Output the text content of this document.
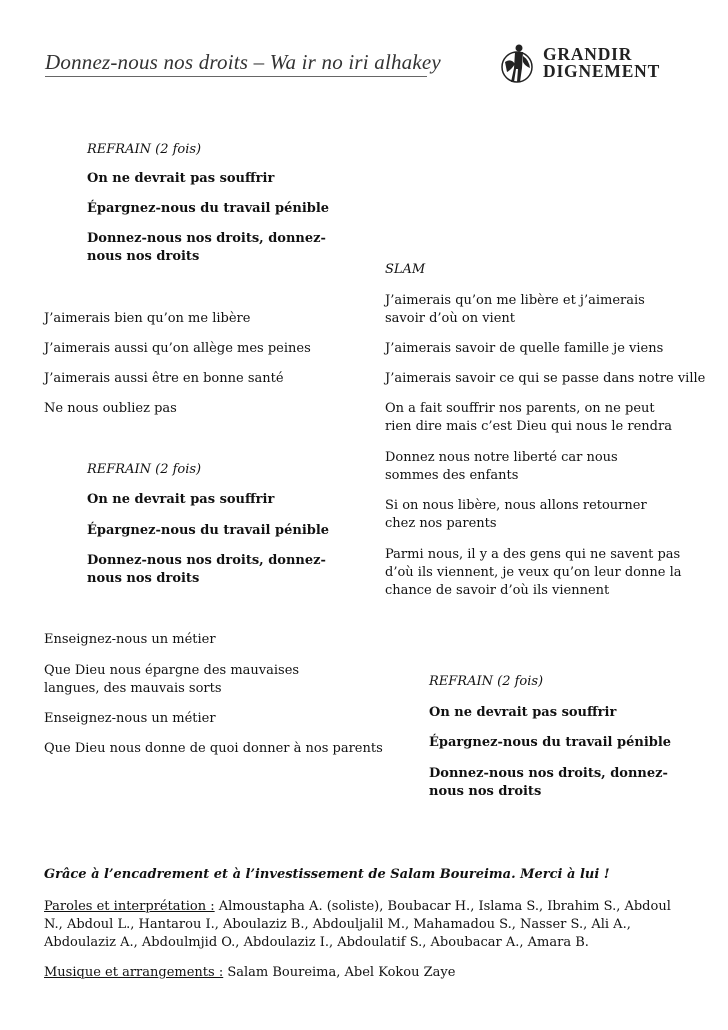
Donnez-nous nos droits – Wa ir no iri alhakey	GRANDIR
DIGNEMENT
REFRAIN (2 fois)
On ne devrait pas souffrir
Épargnez-nous du travail pénible
Donnez-nous nos droits, donnez-nous nos droits
J’aimerais bien qu’on me libère
J’aimerais aussi qu’on allège mes peines
J’aimerais aussi être en bonne santé
Ne nous oubliez pas
REFRAIN (2 fois)
On ne devrait pas souffrir
Épargnez-nous du travail pénible
Donnez-nous nos droits, donnez-nous nos droits
Enseignez-nous un métier
Que Dieu nous épargne des mauvaises langues, des mauvais sorts
Enseignez-nous un métier
Que Dieu nous donne de quoi donner à nos parents
SLAM
J’aimerais qu’on me libère et j’aimerais savoir d’où on vient
J’aimerais savoir de quelle famille je viens
J’aimerais savoir ce qui se passe dans notre ville
On a fait souffrir nos parents, on ne peut rien dire mais c’est Dieu qui nous le rendra
Donnez nous notre liberté car nous sommes des enfants
Si on nous libère, nous allons retourner chez nos parents
Parmi nous, il y a des gens qui ne savent pas d’où ils viennent, je veux qu’on leur donne la chance de savoir d’où ils viennent
REFRAIN (2 fois)
On ne devrait pas souffrir
Épargnez-nous du travail pénible
Donnez-nous nos droits, donnez-nous nos droits
Grâce à l’encadrement et à l’investissement de Salam Boureima. Merci à lui !
Paroles et interprétation : Almoustapha A. (soliste), Boubacar H., Islama S., Ibrahim S., Abdoul N., Abdoul L., Hantarou I., Aboulaziz B., Abdouljalil M., Mahamadou S., Nasser S., Ali A., Abdoulaziz A., Abdoulmjid O., Abdoulaziz I., Abdoulatif S., Aboubacar A., Amara B.
Musique et arrangements : Salam Boureima, Abel Kokou Zaye
